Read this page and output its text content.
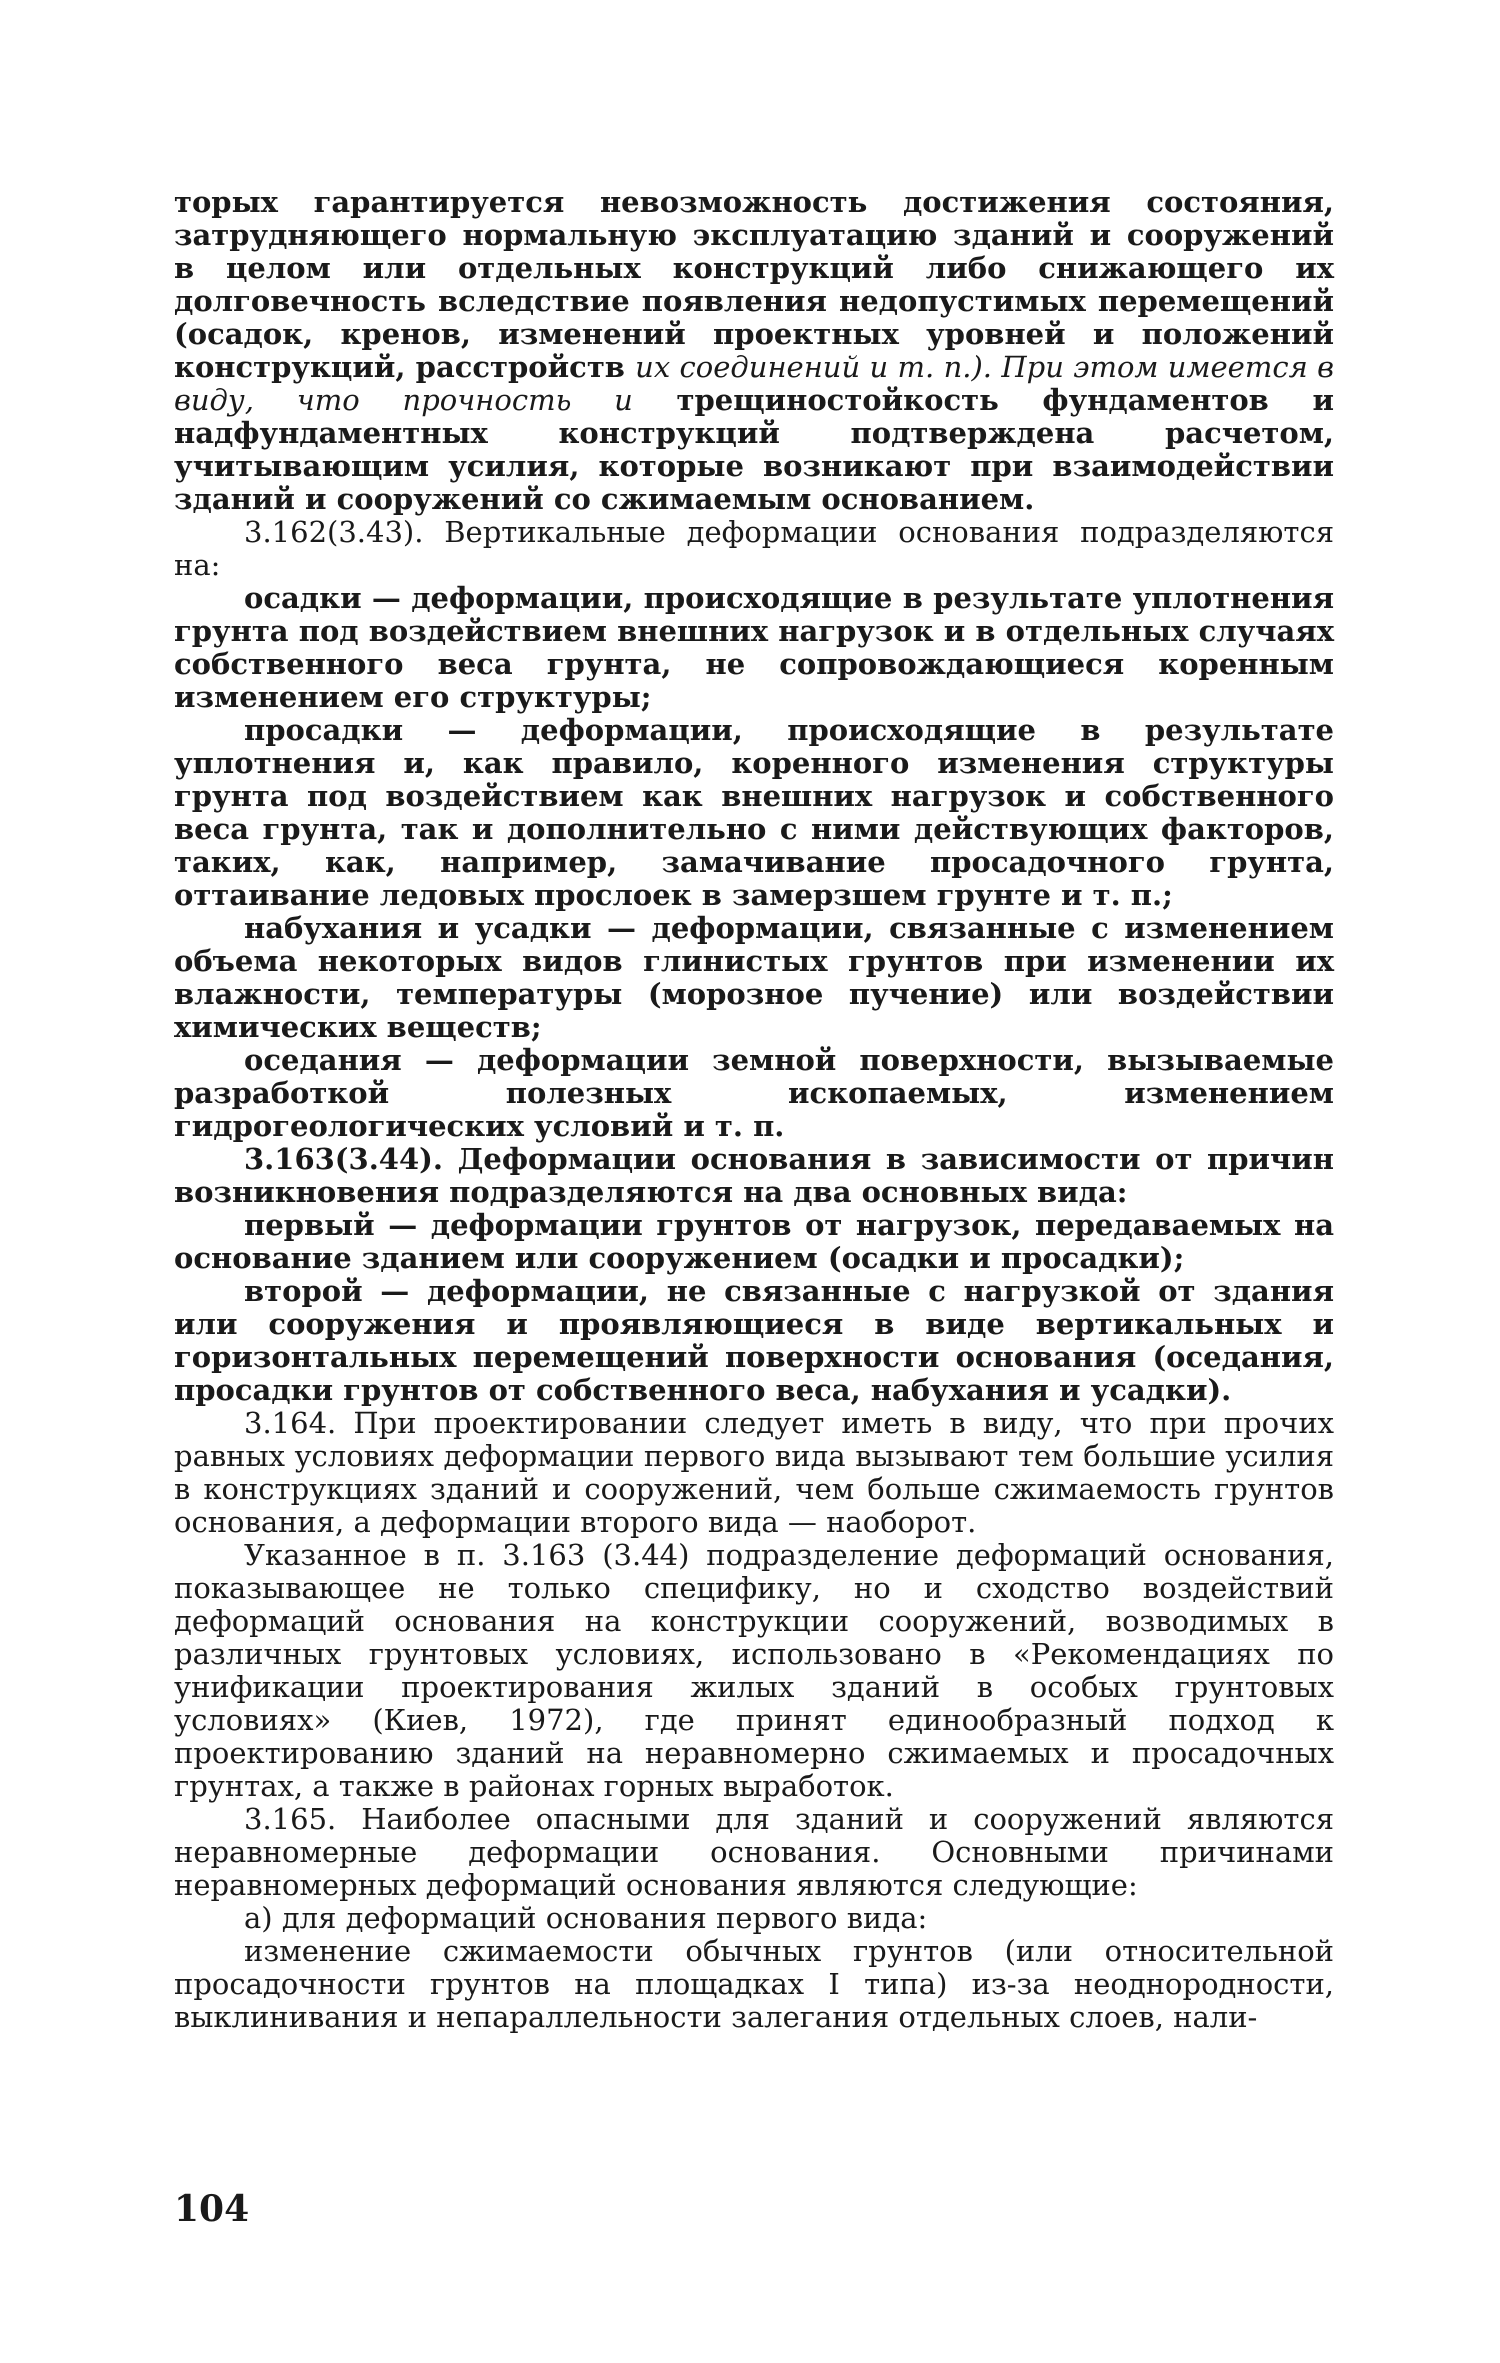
торых гарантируется невозможность достижения состояния, затрудняющего нормальную эксплуатацию зданий и сооружений в целом или отдельных конструкций либо снижающего их долговечность вследствие появления недопустимых перемещений (осадок, кренов, изменений проектных уровней и положений конструкций, расстройств их соединений и т. п.). При этом имеется в виду, что прочность и трещиностойкость фундаментов и надфундаментных конструкций подтверждена расчетом, учитывающим усилия, которые возникают при взаимодействии зданий и сооружений со сжимаемым основанием.

3.162(3.43). Вертикальные деформации основания подразделяются на:

осадки — деформации, происходящие в результате уплотнения грунта под воздействием внешних нагрузок и в отдельных случаях собственного веса грунта, не сопровождающиеся коренным изменением его структуры;

просадки — деформации, происходящие в результате уплотнения и, как правило, коренного изменения структуры грунта под воздействием как внешних нагрузок и собственного веса грунта, так и дополнительно с ними действующих факторов, таких, как, например, замачивание просадочного грунта, оттаивание ледовых прослоек в замерзшем грунте и т. п.;

набухания и усадки — деформации, связанные с изменением объема некоторых видов глинистых грунтов при изменении их влажности, температуры (морозное пучение) или воздействии химических веществ;

оседания — деформации земной поверхности, вызываемые разработкой полезных ископаемых, изменением гидрогеологических условий и т. п.

3.163(3.44). Деформации основания в зависимости от причин возникновения подразделяются на два основных вида:

первый — деформации грунтов от нагрузок, передаваемых на основание зданием или сооружением (осадки и просадки);

второй — деформации, не связанные с нагрузкой от здания или сооружения и проявляющиеся в виде вертикальных и горизонтальных перемещений поверхности основания (оседания, просадки грунтов от собственного веса, набухания и усадки).

3.164. При проектировании следует иметь в виду, что при прочих равных условиях деформации первого вида вызывают тем большие усилия в конструкциях зданий и сооружений, чем больше сжимаемость грунтов основания, а деформации второго вида — наоборот.

Указанное в п. 3.163 (3.44) подразделение деформаций основания, показывающее не только специфику, но и сходство воздействий деформаций основания на конструкции сооружений, возводимых в различных грунтовых условиях, использовано в «Рекомендациях по унификации проектирования жилых зданий в особых грунтовых условиях» (Киев, 1972), где принят единообразный подход к проектированию зданий на неравномерно сжимаемых и просадочных грунтах, а также в районах горных выработок.

3.165. Наиболее опасными для зданий и сооружений являются неравномерные деформации основания. Основными причинами неравномерных деформаций основания являются следующие:

а) для деформаций основания первого вида:

изменение сжимаемости обычных грунтов (или относительной просадочности грунтов на площадках I типа) из-за неоднородности, выклинивания и непараллельности залегания отдельных слоев, нали-

104
